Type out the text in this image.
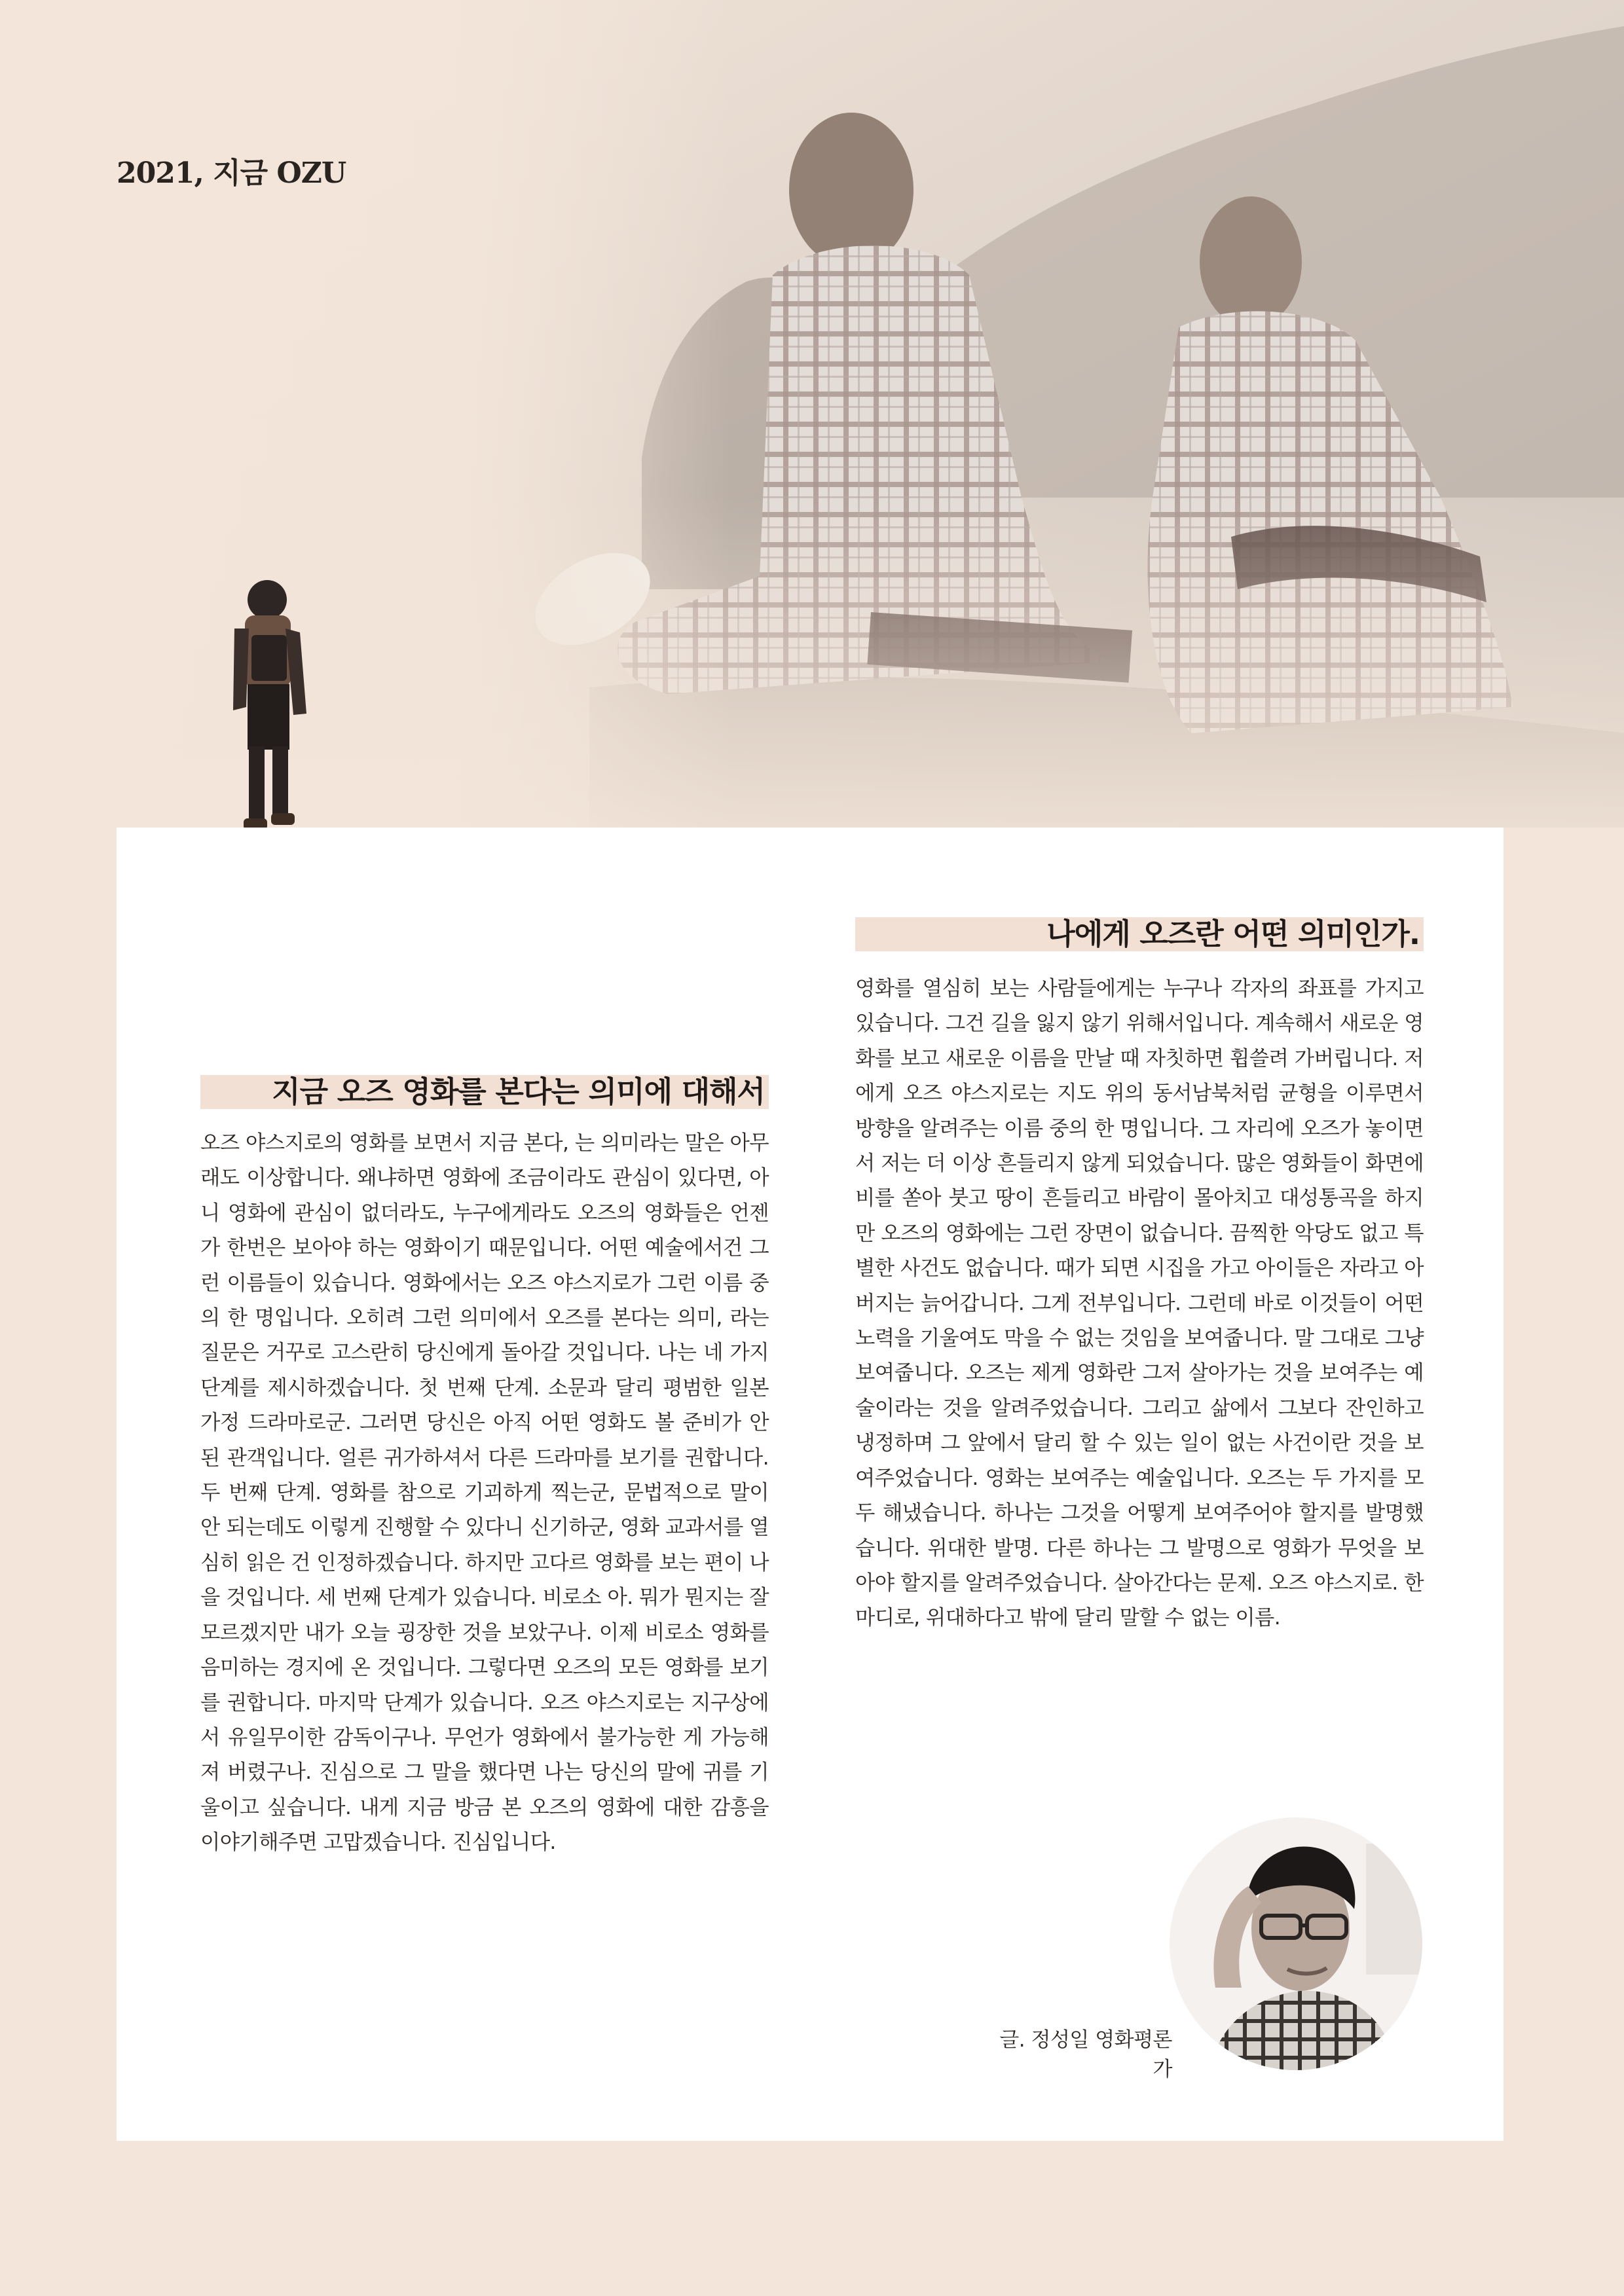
2021, 지금 OZU
지금 오즈 영화를 본다는 의미에 대해서
오즈 야스지로의 영화를 보면서 지금 본다, 는 의미라는 말은 아무래도 이상합니다. 왜냐하면 영화에 조금이라도 관심이 있다면, 아니 영화에 관심이 없더라도, 누구에게라도 오즈의 영화들은 언젠가 한번은 보아야 하는 영화이기 때문입니다. 어떤 예술에서건 그런 이름들이 있습니다. 영화에서는 오즈 야스지로가 그런 이름 중의 한 명입니다. 오히려 그런 의미에서 오즈를 본다는 의미, 라는 질문은 거꾸로 고스란히 당신에게 돌아갈 것입니다. 나는 네 가지 단계를 제시하겠습니다. 첫 번째 단계. 소문과 달리 평범한 일본 가정 드라마로군. 그러면 당신은 아직 어떤 영화도 볼 준비가 안 된 관객입니다. 얼른 귀가하셔서 다른 드라마를 보기를 권합니다. 두 번째 단계. 영화를 참으로 기괴하게 찍는군, 문법적으로 말이 안 되는데도 이렇게 진행할 수 있다니 신기하군, 영화 교과서를 열심히 읽은 건 인정하겠습니다. 하지만 고다르 영화를 보는 편이 나을 것입니다. 세 번째 단계가 있습니다. 비로소 아. 뭐가 뭔지는 잘 모르겠지만 내가 오늘 굉장한 것을 보았구나. 이제 비로소 영화를 음미하는 경지에 온 것입니다. 그렇다면 오즈의 모든 영화를 보기를 권합니다. 마지막 단계가 있습니다. 오즈 야스지로는 지구상에서 유일무이한 감독이구나. 무언가 영화에서 불가능한 게 가능해져 버렸구나. 진심으로 그 말을 했다면 나는 당신의 말에 귀를 기울이고 싶습니다. 내게 지금 방금 본 오즈의 영화에 대한 감흥을 이야기해주면 고맙겠습니다. 진심입니다.
나에게 오즈란 어떤 의미인가.
영화를 열심히 보는 사람들에게는 누구나 각자의 좌표를 가지고 있습니다. 그건 길을 잃지 않기 위해서입니다. 계속해서 새로운 영화를 보고 새로운 이름을 만날 때 자칫하면 휩쓸려 가버립니다. 저에게 오즈 야스지로는 지도 위의 동서남북처럼 균형을 이루면서 방향을 알려주는 이름 중의 한 명입니다. 그 자리에 오즈가 놓이면서 저는 더 이상 흔들리지 않게 되었습니다. 많은 영화들이 화면에 비를 쏟아 붓고 땅이 흔들리고 바람이 몰아치고 대성통곡을 하지만 오즈의 영화에는 그런 장면이 없습니다. 끔찍한 악당도 없고 특별한 사건도 없습니다. 때가 되면 시집을 가고 아이들은 자라고 아버지는 늙어갑니다. 그게 전부입니다. 그런데 바로 이것들이 어떤 노력을 기울여도 막을 수 없는 것임을 보여줍니다. 말 그대로 그냥 보여줍니다. 오즈는 제게 영화란 그저 살아가는 것을 보여주는 예술이라는 것을 알려주었습니다. 그리고 삶에서 그보다 잔인하고 냉정하며 그 앞에서 달리 할 수 있는 일이 없는 사건이란 것을 보여주었습니다. 영화는 보여주는 예술입니다. 오즈는 두 가지를 모두 해냈습니다. 하나는 그것을 어떻게 보여주어야 할지를 발명했습니다. 위대한 발명. 다른 하나는 그 발명으로 영화가 무엇을 보아야 할지를 알려주었습니다. 살아간다는 문제. 오즈 야스지로. 한 마디로, 위대하다고 밖에 달리 말할 수 없는 이름.
글. 정성일 영화평론가
